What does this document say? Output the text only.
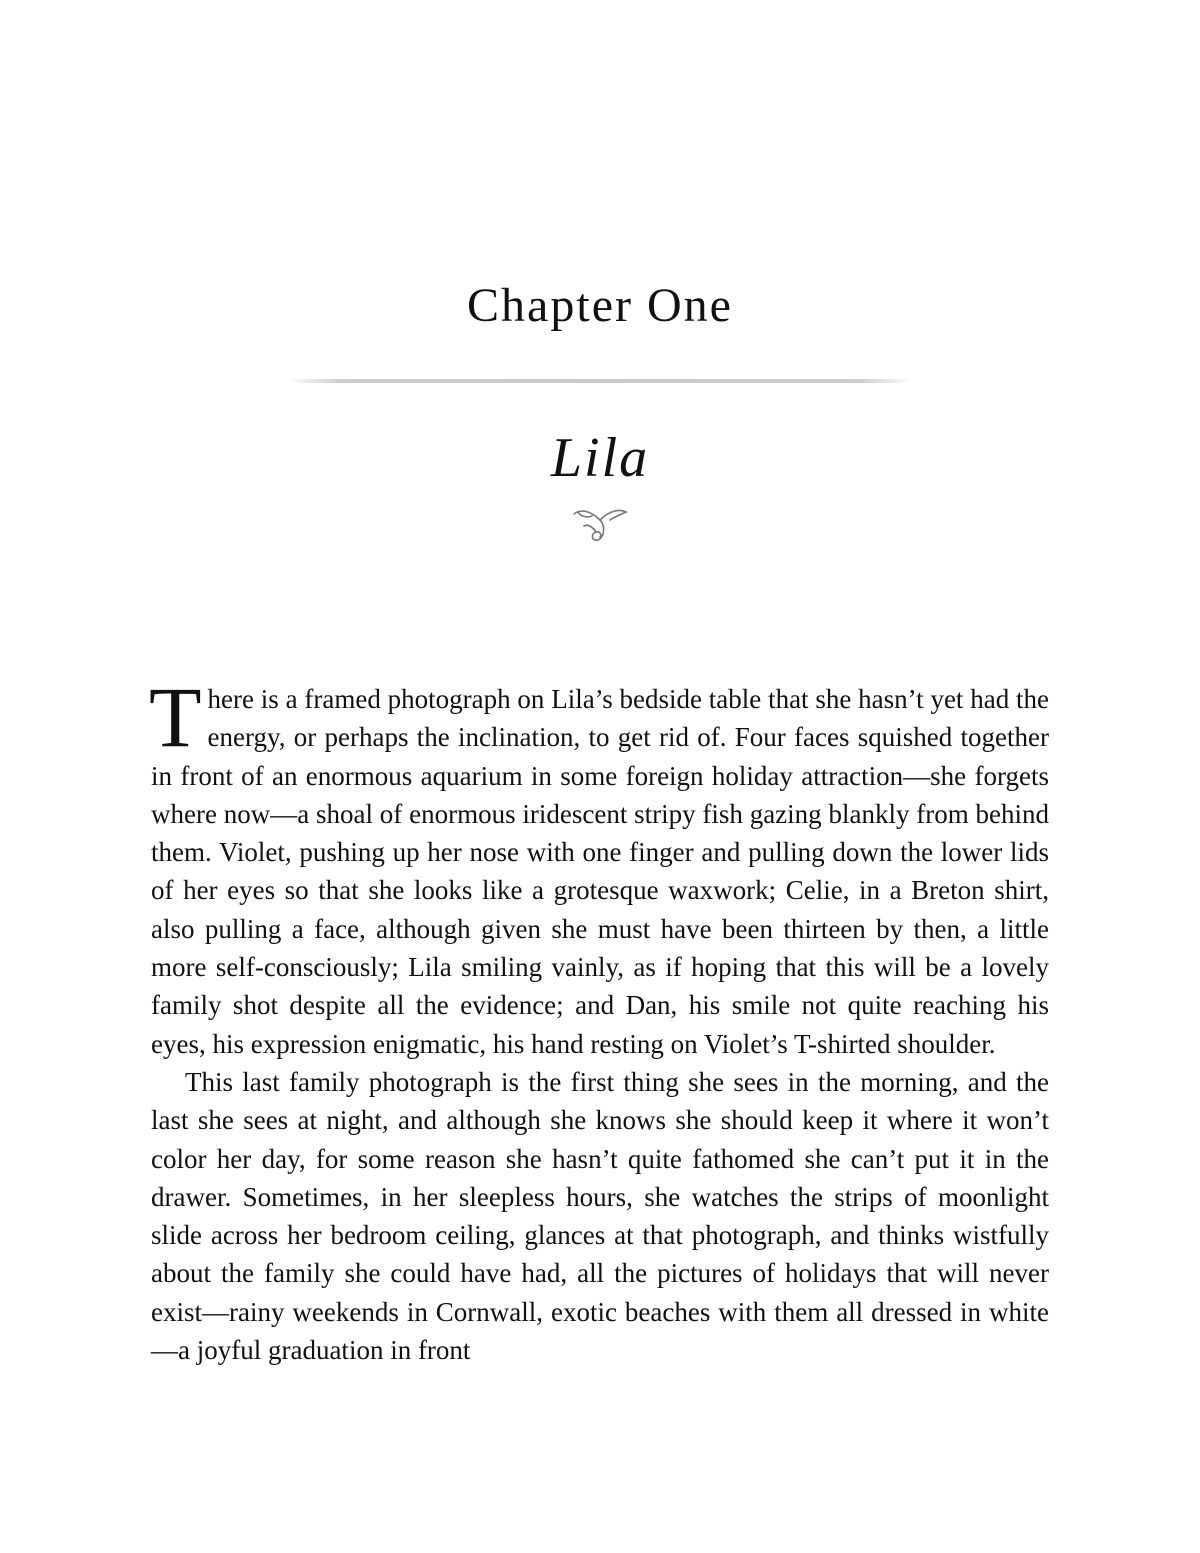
Chapter One
Lila

There is a framed photograph on Lila’s bedside table that she hasn’t yet had the energy, or perhaps the inclination, to get rid of. Four faces squished together in front of an enormous aquarium in some foreign holiday attraction—she forgets where now—a shoal of enormous iridescent stripy fish gazing blankly from behind them. Violet, pushing up her nose with one finger and pulling down the lower lids of her eyes so that she looks like a grotesque waxwork; Celie, in a Breton shirt, also pulling a face, although given she must have been thirteen by then, a little more self-consciously; Lila smiling vainly, as if hoping that this will be a lovely family shot despite all the evidence; and Dan, his smile not quite reaching his eyes, his expression enigmatic, his hand resting on Violet’s T-shirted shoulder.

This last family photograph is the first thing she sees in the morning, and the last she sees at night, and although she knows she should keep it where it won’t color her day, for some reason she hasn’t quite fathomed she can’t put it in the drawer. Sometimes, in her sleepless hours, she watches the strips of moonlight slide across her bedroom ceiling, glances at that photograph, and thinks wistfully about the family she could have had, all the pictures of holidays that will never exist—rainy weekends in Cornwall, exotic beaches with them all dressed in white—a joyful graduation in front
